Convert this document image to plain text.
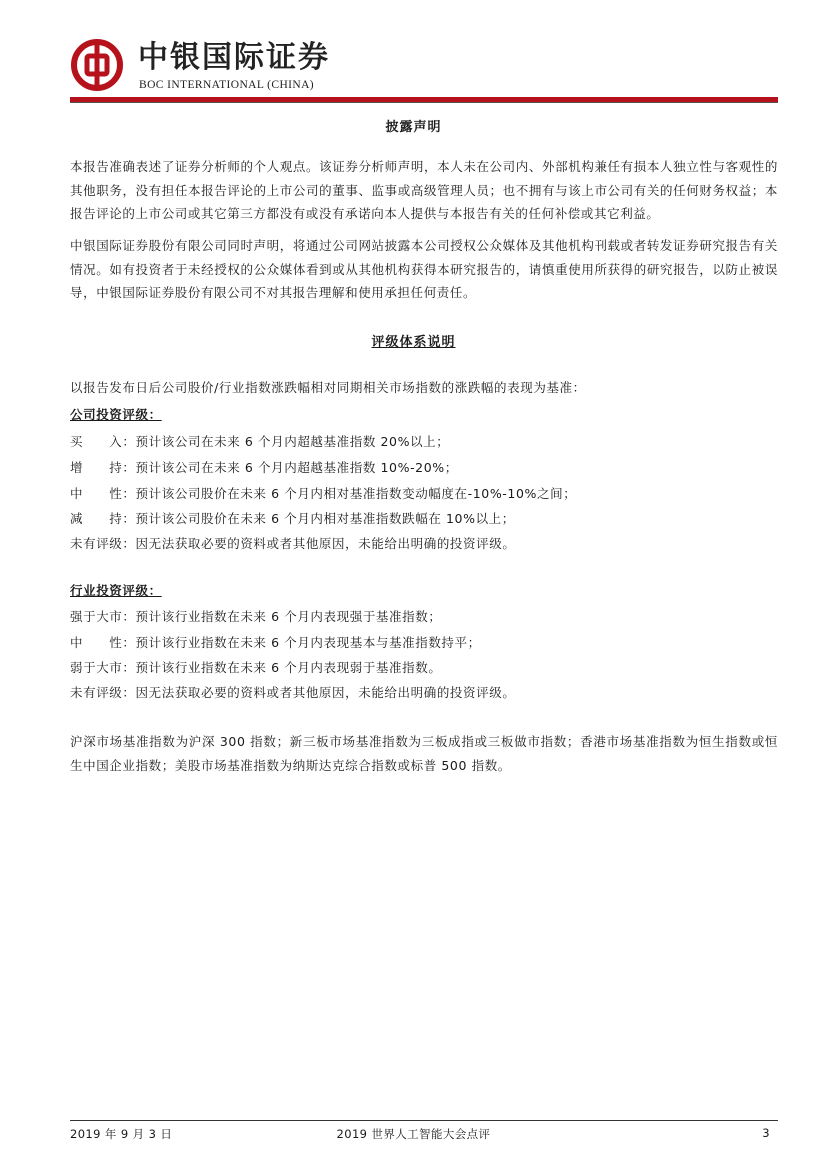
中银国际证券
BOC INTERNATIONAL (CHINA)
披露声明
本报告准确表述了证券分析师的个人观点。该证券分析师声明，本人未在公司内、外部机构兼任有损本人独立性与客观性的其他职务，没有担任本报告评论的上市公司的董事、监事或高级管理人员；也不拥有与该上市公司有关的任何财务权益；本报告评论的上市公司或其它第三方都没有或没有承诺向本人提供与本报告有关的任何补偿或其它利益。
中银国际证券股份有限公司同时声明，将通过公司网站披露本公司授权公众媒体及其他机构刊载或者转发证券研究报告有关情况。如有投资者于未经授权的公众媒体看到或从其他机构获得本研究报告的，请慎重使用所获得的研究报告，以防止被误导，中银国际证券股份有限公司不对其报告理解和使用承担任何责任。
评级体系说明
以报告发布日后公司股价/行业指数涨跌幅相对同期相关市场指数的涨跌幅的表现为基准：
公司投资评级：
买　　入：预计该公司在未来 6 个月内超越基准指数 20%以上；
增　　持：预计该公司在未来 6 个月内超越基准指数 10%-20%；
中　　性：预计该公司股价在未来 6 个月内相对基准指数变动幅度在-10%-10%之间；
减　　持：预计该公司股价在未来 6 个月内相对基准指数跌幅在 10%以上；
未有评级：因无法获取必要的资料或者其他原因，未能给出明确的投资评级。
行业投资评级：
强于大市：预计该行业指数在未来 6 个月内表现强于基准指数；
中　　性：预计该行业指数在未来 6 个月内表现基本与基准指数持平；
弱于大市：预计该行业指数在未来 6 个月内表现弱于基准指数。
未有评级：因无法获取必要的资料或者其他原因，未能给出明确的投资评级。
沪深市场基准指数为沪深 300 指数；新三板市场基准指数为三板成指或三板做市指数；香港市场基准指数为恒生指数或恒生中国企业指数；美股市场基准指数为纳斯达克综合指数或标普 500 指数。
2019 年 9 月 3 日	2019 世界人工智能大会点评	3
